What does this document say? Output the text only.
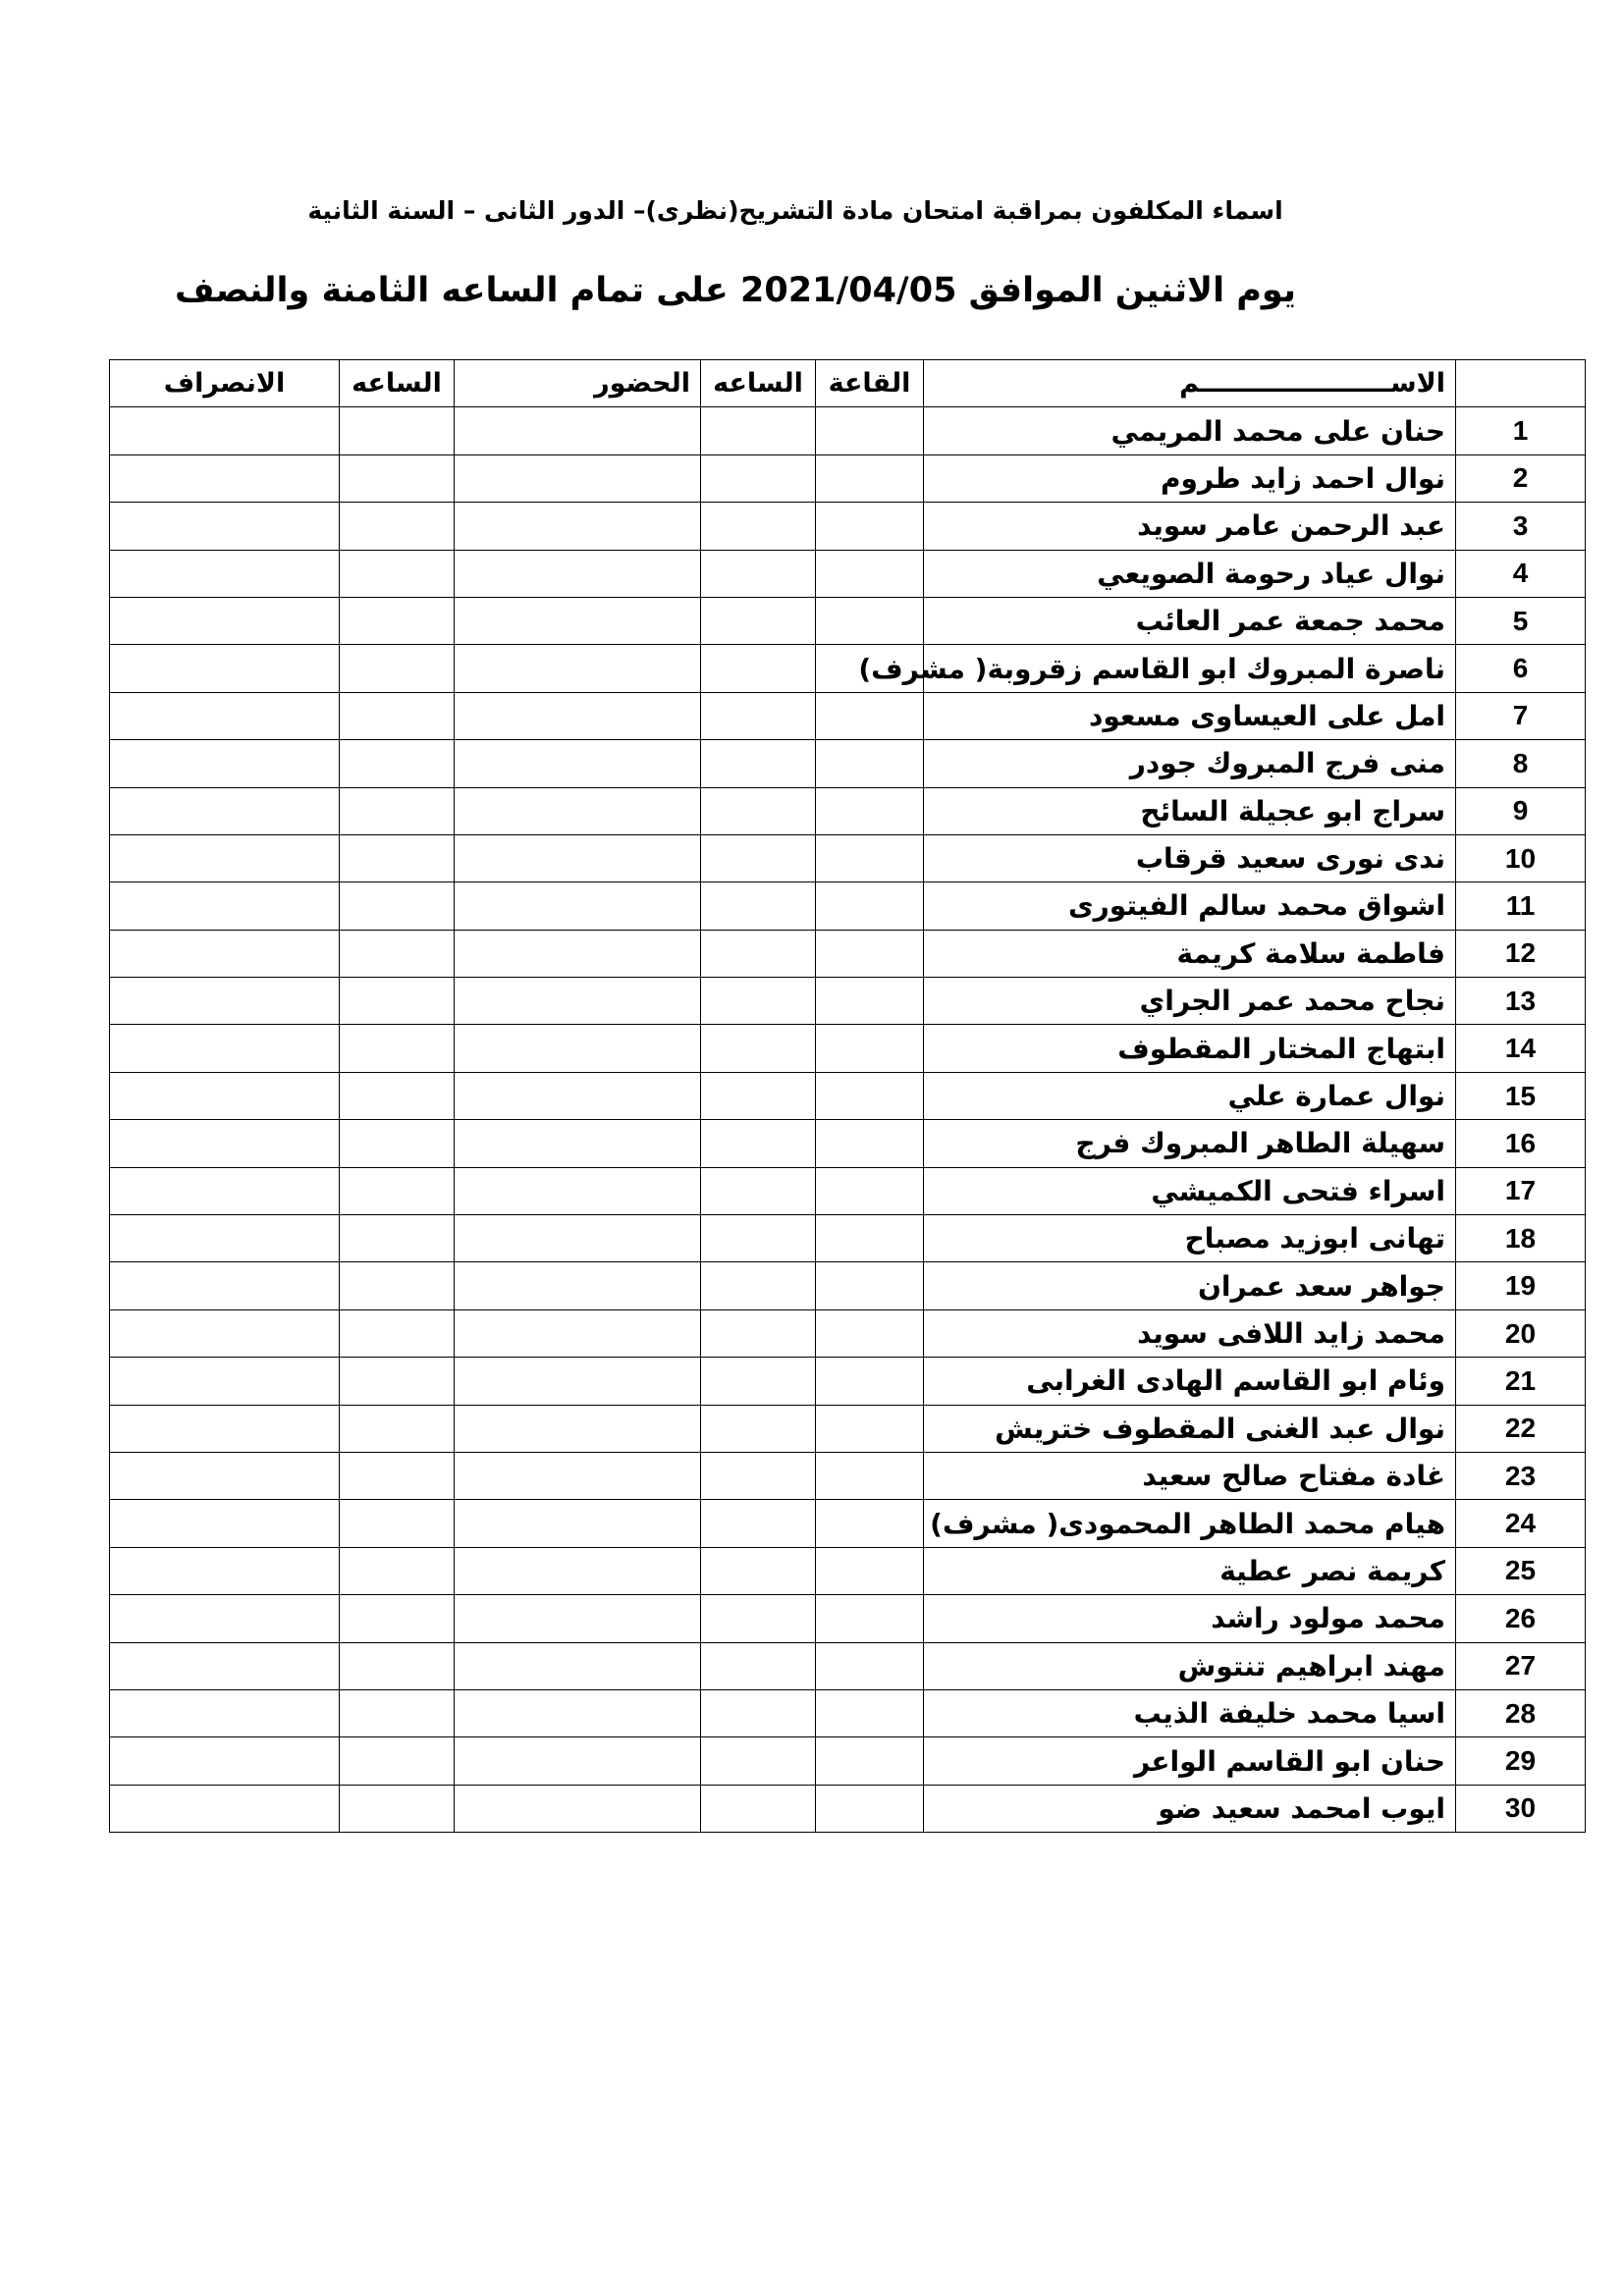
اسماء المكلفون بمراقبة امتحان مادة التشريح(نظرى)– الدور الثانى – السنة الثانية
يوم الاثنين الموافق 2021/04/05 على تمام الساعه الثامنة والنصف
الانصراف	الساعه	الحضور	الساعه	القاعة	الاســـــــــــــــــــــم	
					حنان على محمد المريمي	1
					نوال احمد زايد طروم	2
					عبد الرحمن عامر سويد	3
					نوال عياد رحومة الصويعي	4
					محمد جمعة عمر العائب	5
					ناصرة المبروك ابو القاسم زقروبة( مشرف)	6
					امل على العيساوى مسعود	7
					منى فرج المبروك جودر	8
					سراج ابو عجيلة السائح	9
					ندى نورى سعيد قرقاب	10
					اشواق محمد سالم الفيتورى	11
					فاطمة سلامة كريمة	12
					نجاح محمد عمر الجراي	13
					ابتهاج المختار المقطوف	14
					نوال عمارة علي	15
					سهيلة الطاهر المبروك فرج	16
					اسراء فتحى الكميشي	17
					تهانى ابوزيد مصباح	18
					جواهر سعد عمران	19
					محمد زايد اللافى سويد	20
					وئام ابو القاسم الهادى الغرابى	21
					نوال عبد الغنى المقطوف ختريش	22
					غادة مفتاح صالح سعيد	23
					هيام محمد الطاهر المحمودى( مشرف)	24
					كريمة نصر عطية	25
					محمد مولود راشد	26
					مهند ابراهيم تنتوش	27
					اسيا محمد خليفة الذيب	28
					حنان ابو القاسم الواعر	29
					ايوب امحمد سعيد ضو	30
